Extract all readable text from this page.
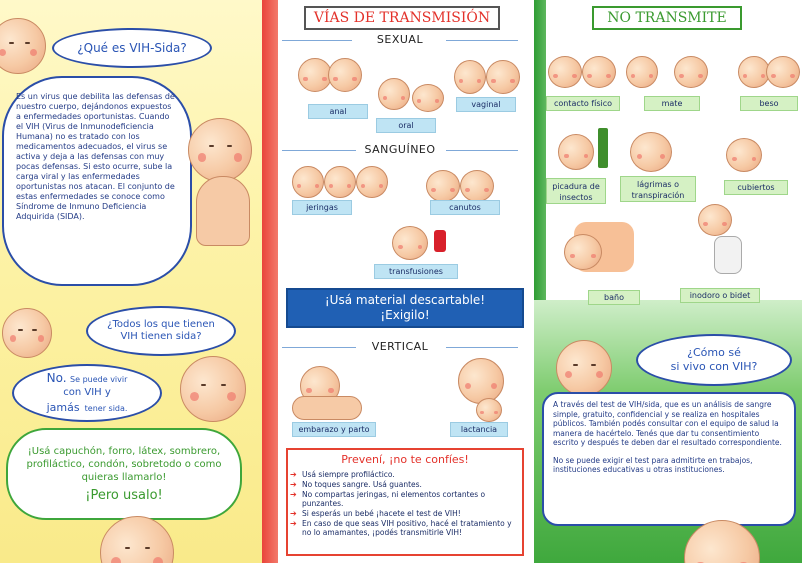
¿Qué es VIH-Sida?

Es un virus que debilita las defensas de nuestro cuerpo, dejándonos expuestos a enfermedades oportunistas. Cuando el VIH (Virus de Inmunodeficiencia Humana) no es tratado con los medicamentos adecuados, el virus se activa y deja a las defensas con muy pocas defensas. Si esto ocurre, sube la carga viral y las enfermedades oportunistas nos atacan. El conjunto de estas enfermedades se conoce como Síndrome de Inmuno Deficiencia Adquirida (SIDA).

¿Todos los que tienen VIH tienen sida?
No. Se puede vivir
con VIH y
jamás tener sida.
¡Usá capuchón, forro, látex, sombrero, profiláctico, condón, sobretodo o como quieras llamarlo!
¡Pero usalo!
VÍAS DE TRANSMISIÓN
SEXUAL
anal
oral
vaginal
SANGUÍNEO
jeringas	canutos
transfusiones
¡Usá material descartable!
¡Exigilo!
VERTICAL
embarazo y parto	lactancia
Prevení, ¡no te confíes!
➔ Usá siempre profiláctico.
➔ No toques sangre. Usá guantes.
➔ No compartas jeringas, ni elementos cortantes o punzantes.
➔ Si esperás un bebé ¡hacete el test de VIH!
➔ En caso de que seas VIH positivo, hacé el tratamiento y no lo amamantes, ¡podés transmitirle VIH!
NO TRANSMITE
contacto físico	mate	beso
picadura de insectos
lágrimas o transpiración
cubiertos
baño	inodoro o bidet
¿Cómo sé
si vivo con VIH?

A través del test de VIH/sida, que es un análisis de sangre simple, gratuito, confidencial y se realiza en hospitales públicos. También podés consultar con el equipo de salud la manera de hacértelo. Tenés que dar tu consentimiento escrito y después te deben dar el resultado correspondiente.

No se puede exigir el test para admitirte en trabajos, instituciones educativas u otras instituciones.
